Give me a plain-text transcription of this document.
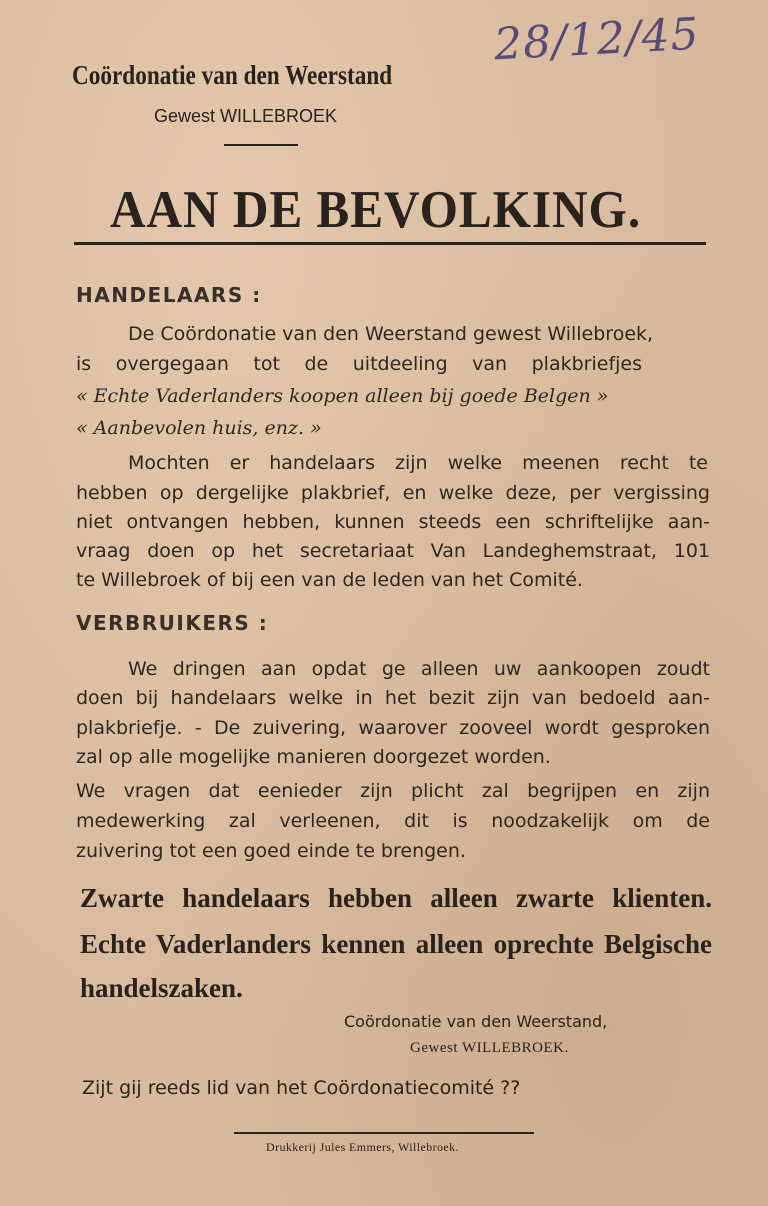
28/12/45
Coördonatie van den Weerstand
Gewest WILLEBROEK
AAN DE BEVOLKING.
HANDELAARS :
De Coördonatie van den Weerstand gewest Willebroek,
is overgegaan tot de uitdeeling van plakbriefjes
« Echte Vaderlanders koopen alleen bij goede Belgen »
« Aanbevolen huis, enz. »
Mochten er handelaars zijn welke meenen recht te
hebben op dergelijke plakbrief, en welke deze, per vergissing
niet ontvangen hebben, kunnen steeds een schriftelijke aan-
vraag doen op het secretariaat Van Landeghemstraat, 101
te Willebroek of bij een van de leden van het Comité.
VERBRUIKERS :
We dringen aan opdat ge alleen uw aankoopen zoudt
doen bij handelaars welke in het bezit zijn van bedoeld aan-
plakbriefje. - De zuivering, waarover zooveel wordt gesproken
zal op alle mogelijke manieren doorgezet worden.
We vragen dat eenieder zijn plicht zal begrijpen en zijn
medewerking zal verleenen, dit is noodzakelijk om de
zuivering tot een goed einde te brengen.
Zwarte handelaars hebben alleen zwarte klienten.
Echte Vaderlanders kennen alleen oprechte Belgische
handelszaken.
Coördonatie van den Weerstand,
Gewest WILLEBROEK.
Zijt gij reeds lid van het Coördonatiecomité ??
Drukkerij Jules Emmers, Willebroek.
